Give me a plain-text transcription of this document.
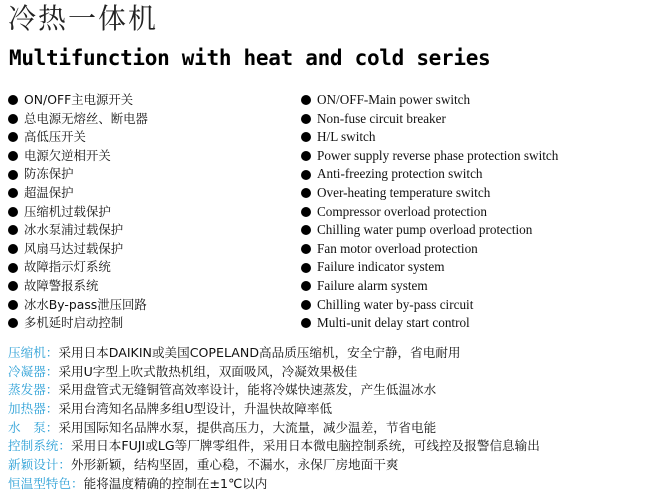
冷热一体机
Multifunction with heat and cold series
ON/OFF主电源开关
总电源无熔丝、断电器
高低压开关
电源欠逆相开关
防冻保护
超温保护
压缩机过载保护
冰水泵浦过载保护
风扇马达过载保护
故障指示灯系统
故障警报系统
冰水By-pass泄压回路
多机延时启动控制
ON/OFF-Main power switch
Non-fuse circuit breaker
H/L switch
Power supply reverse phase protection switch
Anti-freezing protection switch
Over-heating temperature switch
Compressor overload protection
Chilling water pump overload protection
Fan motor overload protection
Failure indicator system
Failure alarm system
Chilling water by-pass circuit
Multi-unit delay start control
压缩机：采用日本DAIKIN或美国COPELAND高品质压缩机，安全宁静，省电耐用
冷凝器：采用U字型上吹式散热机组，双面吸风，冷凝效果极佳
蒸发器：采用盘管式无缝铜管高效率设计，能将冷媒快速蒸发，产生低温冰水
加热器：采用台湾知名品牌多组U型设计，升温快故障率低
水　泵：采用国际知名品牌水泵，提供高压力，大流量，减少温差，节省电能
控制系统：采用日本FUJI或LG等厂牌零组件，采用日本微电脑控制系统，可线控及报警信息输出
新颖设计：外形新颖，结构坚固，重心稳，不漏水，永保厂房地面干爽
恒温型特色：能将温度精确的控制在±1℃以内
